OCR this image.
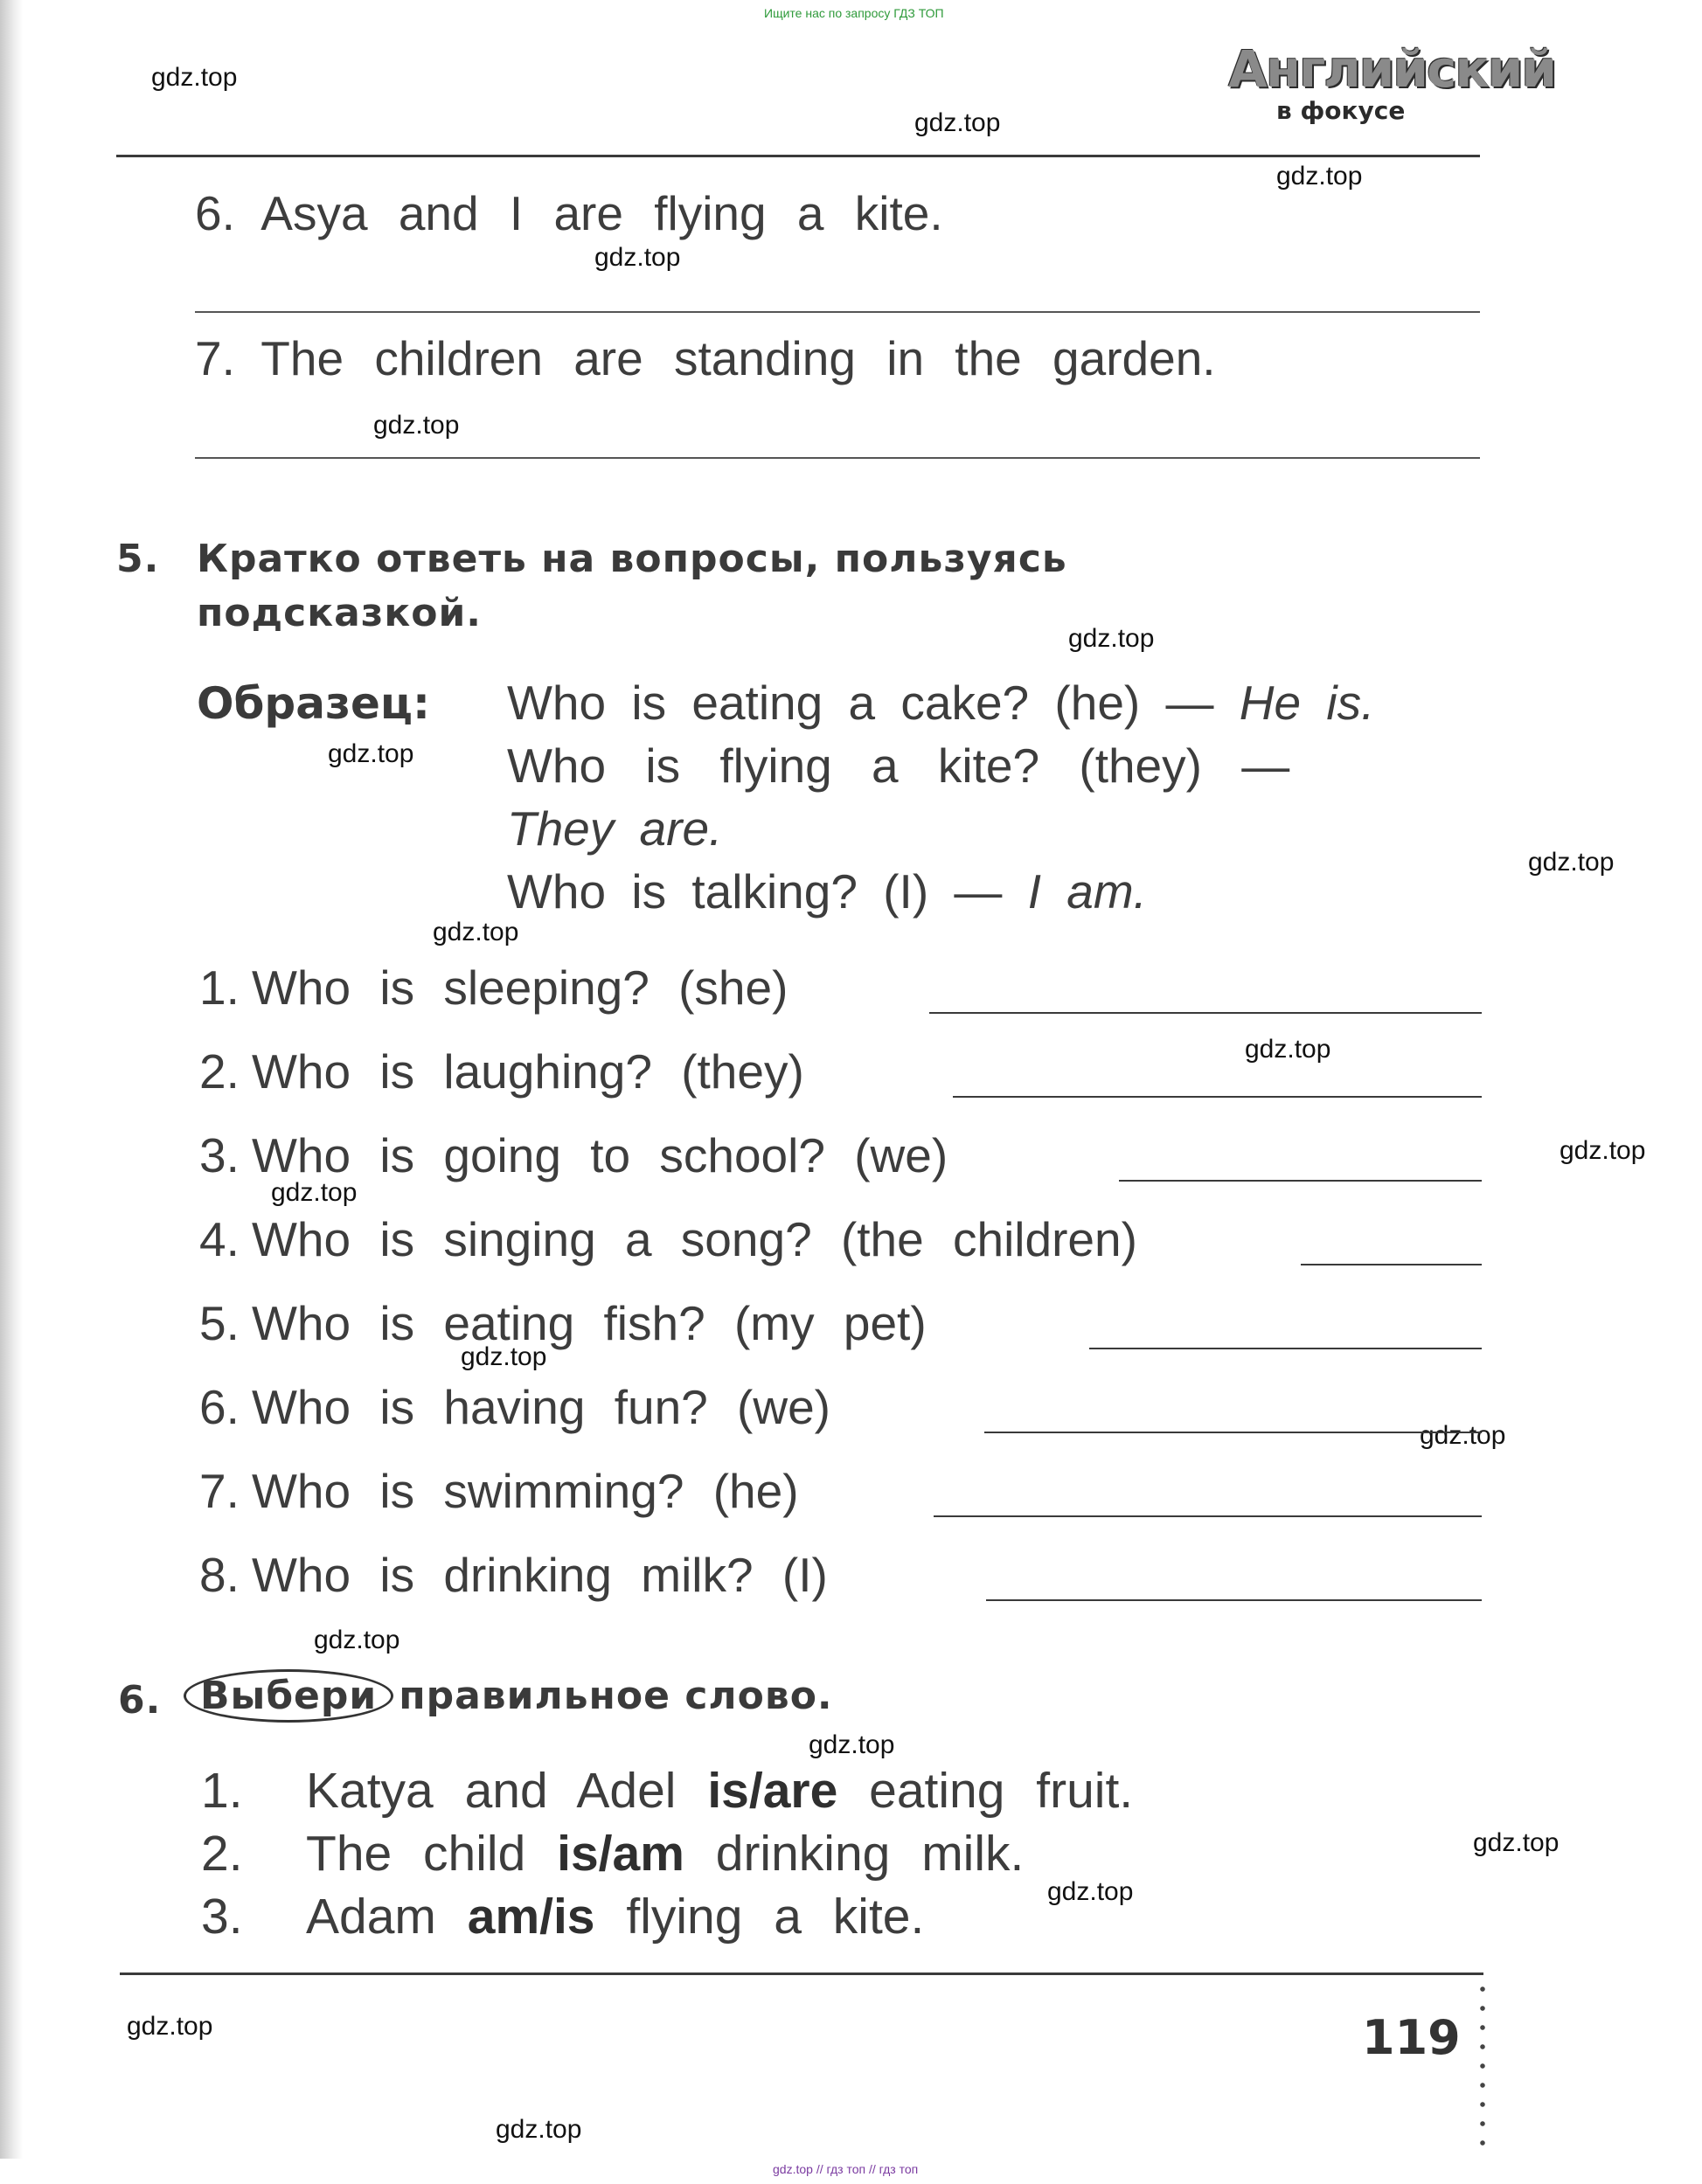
Ищите нас по запросу ГДЗ ТОП
Английский
в фокусе
gdz.top
gdz.top
gdz.top
gdz.top
gdz.top
gdz.top
gdz.top
gdz.top
gdz.top
gdz.top
gdz.top
gdz.top
gdz.top
gdz.top
gdz.top
gdz.top
gdz.top
gdz.top
gdz.top
gdz.top
6. Asya and I are flying a kite.
7. The children are standing in the garden.
5. Кратко ответь на вопросы, пользуясь
подсказкой.
Образец: Who is eating a cake? (he) — He is.
Who is flying a kite? (they) —
They are.
Who is talking? (I) — I am.
1. Who is sleeping? (she)
2. Who is laughing? (they)
3. Who is going to school? (we)
4. Who is singing a song? (the children)
5. Who is eating fish? (my pet)
6. Who is having fun? (we)
7. Who is swimming? (he)
8. Who is drinking milk? (I)
6.	Выбери правильное слово.
1. Katya and Adel is/are eating fruit.
2. The child is/am drinking milk.
3. Adam am/is flying a kite.
119
gdz.top // гдз топ // гдз топ
